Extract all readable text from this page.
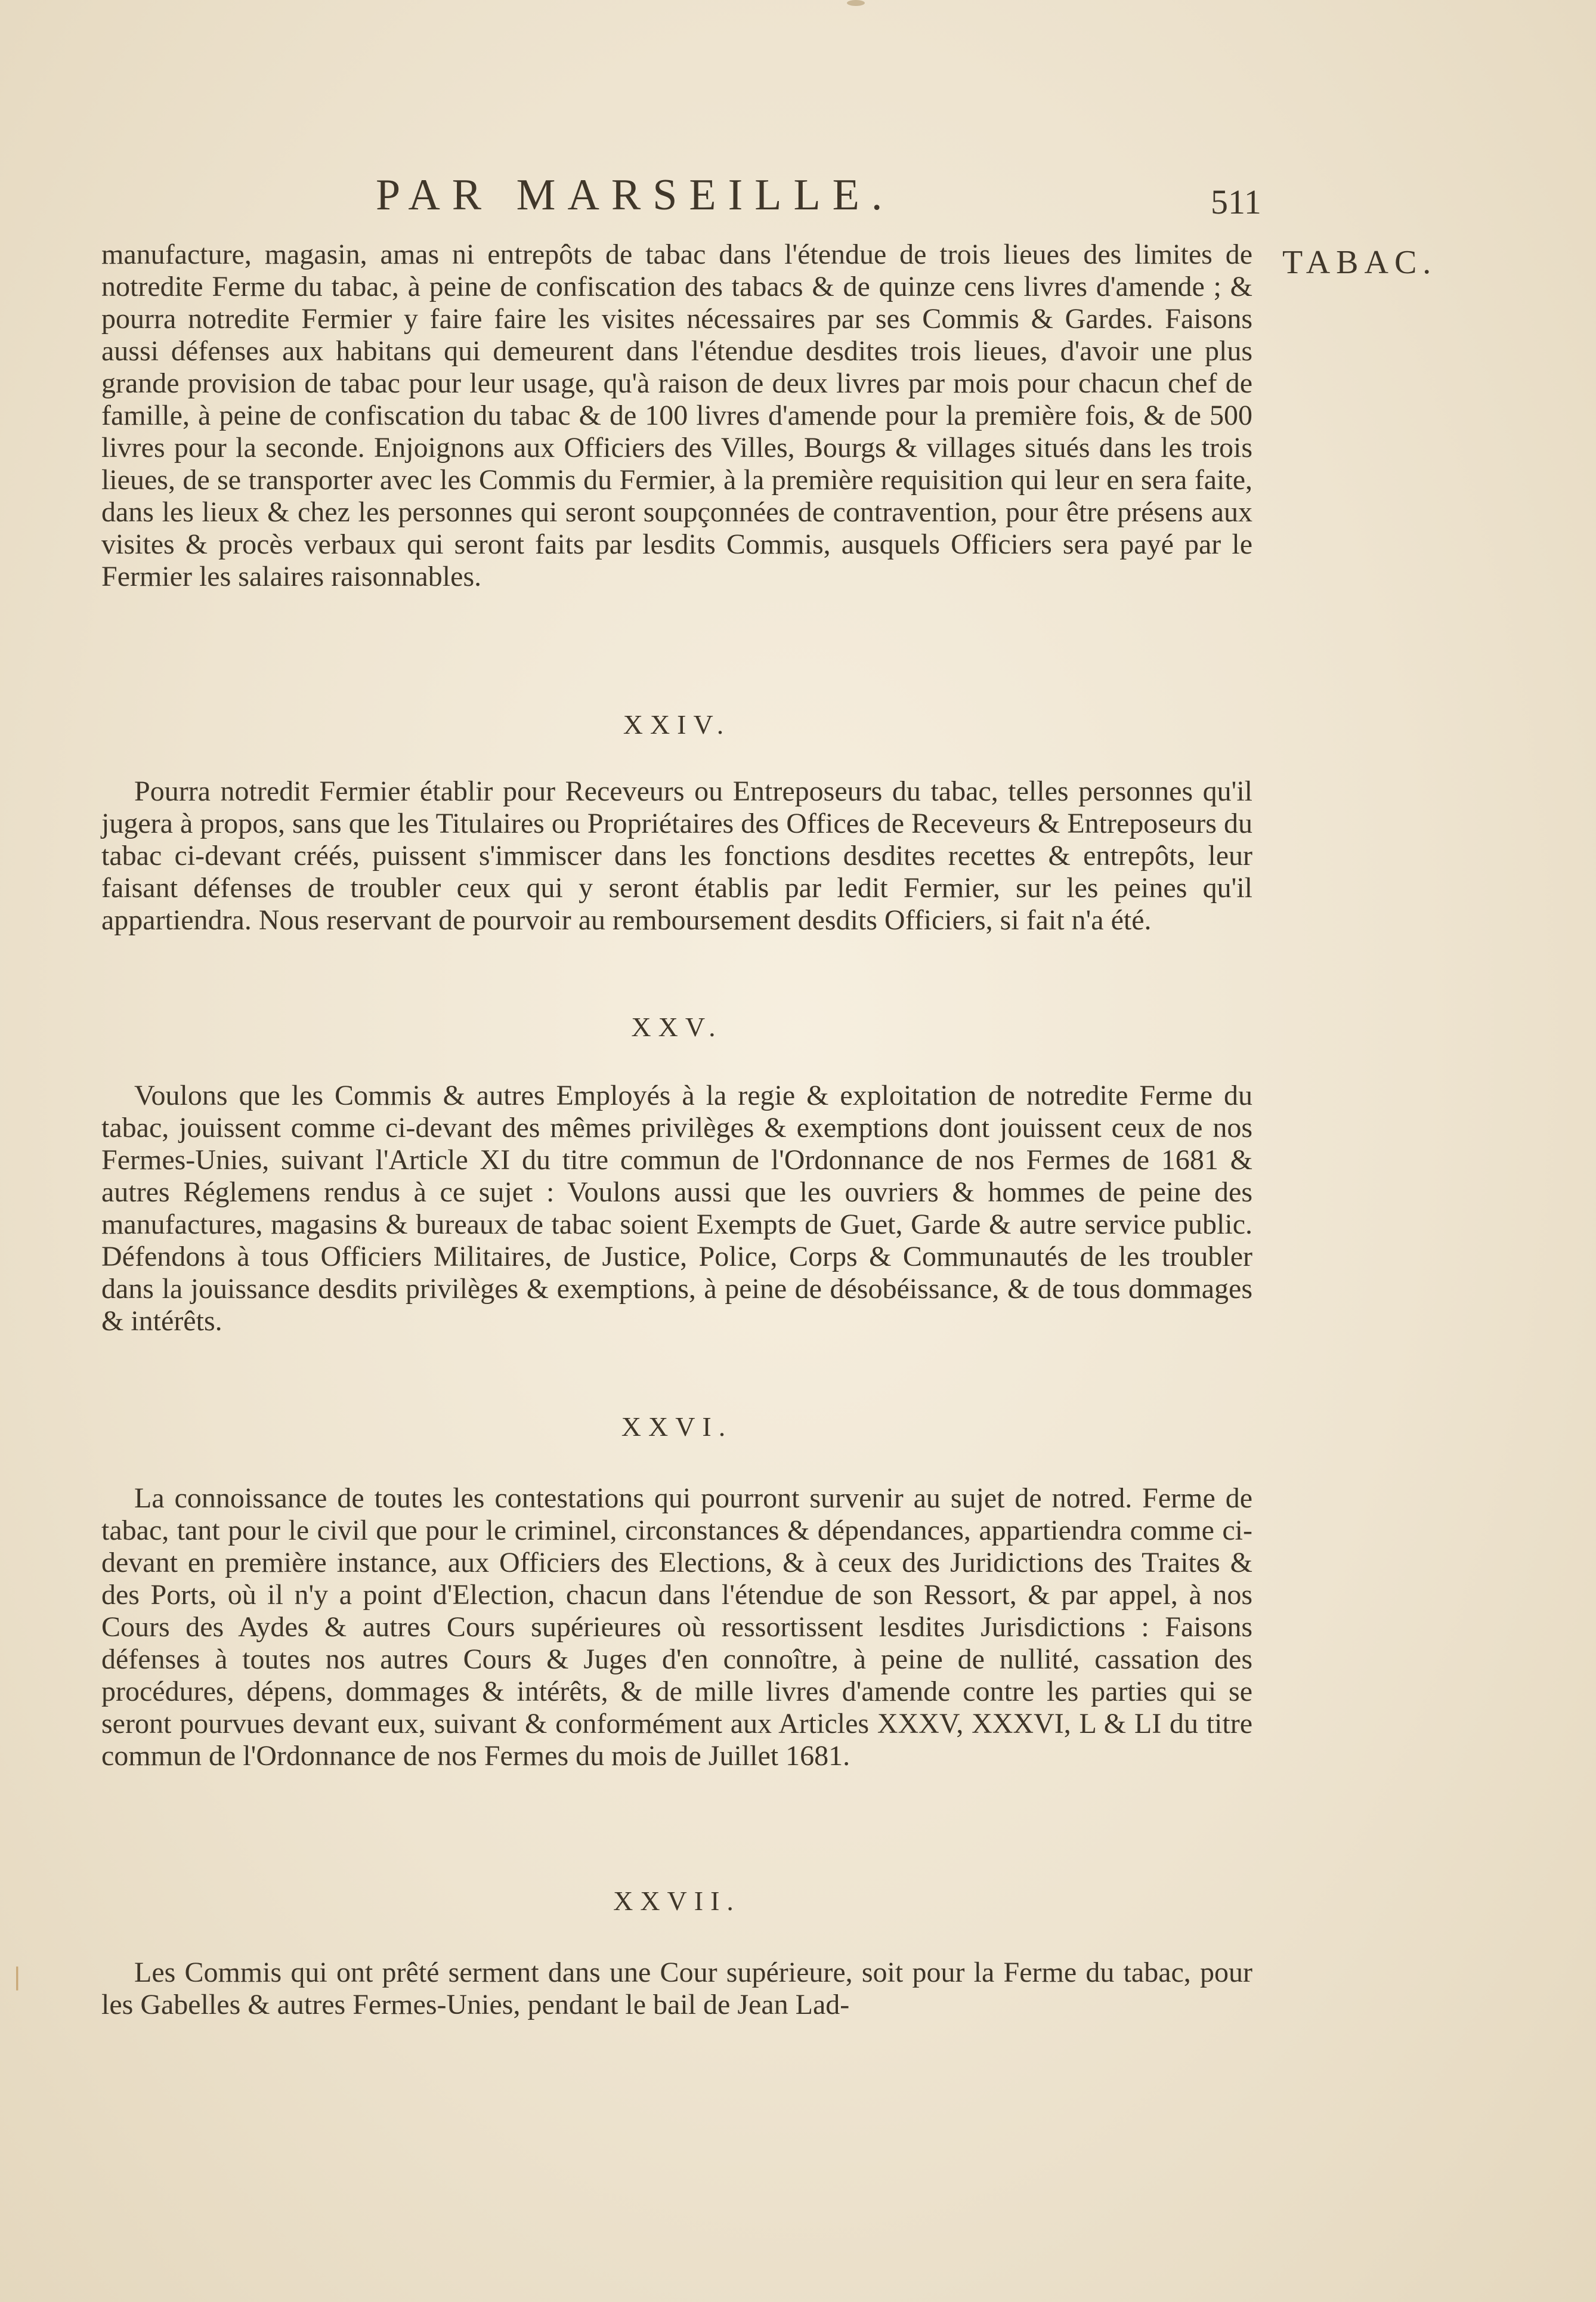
PAR MARSEILLE.	511
TABAC.

manufacture, magasin, amas ni entrepôts de tabac dans l'étendue de trois lieues des limites de notredite Ferme du tabac, à peine de confiscation des tabacs & de quinze cens livres d'amende ; & pourra notredite Fermier y faire faire les visites nécessaires par ses Commis & Gardes. Faisons aussi défenses aux habitans qui demeurent dans l'étendue desdites trois lieues, d'avoir une plus grande provision de tabac pour leur usage, qu'à raison de deux livres par mois pour chacun chef de famille, à peine de confiscation du tabac & de 100 livres d'amende pour la première fois, & de 500 livres pour la seconde. Enjoignons aux Officiers des Villes, Bourgs & villages situés dans les trois lieues, de se transporter avec les Commis du Fermier, à la première requisition qui leur en sera faite, dans les lieux & chez les personnes qui seront soupçonnées de contravention, pour être présens aux visites & procès verbaux qui seront faits par lesdits Commis, ausquels Officiers sera payé par le Fermier les salaires raisonnables.

XXIV.

Pourra notredit Fermier établir pour Receveurs ou Entreposeurs du tabac, telles personnes qu'il jugera à propos, sans que les Titulaires ou Propriétaires des Offices de Receveurs & Entreposeurs du tabac ci-devant créés, puissent s'immiscer dans les fonctions desdites recettes & entrepôts, leur faisant défenses de troubler ceux qui y seront établis par ledit Fermier, sur les peines qu'il appartiendra. Nous reservant de pourvoir au remboursement desdits Officiers, si fait n'a été.

XXV.

Voulons que les Commis & autres Employés à la regie & exploitation de notredite Ferme du tabac, jouissent comme ci-devant des mêmes privilèges & exemptions dont jouissent ceux de nos Fermes-Unies, suivant l'Article XI du titre commun de l'Ordonnance de nos Fermes de 1681 & autres Réglemens rendus à ce sujet : Voulons aussi que les ouvriers & hommes de peine des manufactures, magasins & bureaux de tabac soient Exempts de Guet, Garde & autre service public. Défendons à tous Officiers Militaires, de Justice, Police, Corps & Communautés de les troubler dans la jouissance desdits privilèges & exemptions, à peine de désobéissance, & de tous dommages & intérêts.

XXVI.

La connoissance de toutes les contestations qui pourront survenir au sujet de notred. Ferme de tabac, tant pour le civil que pour le criminel, circonstances & dépendances, appartiendra comme ci-devant en première instance, aux Officiers des Elections, & à ceux des Juridictions des Traites & des Ports, où il n'y a point d'Election, chacun dans l'étendue de son Ressort, & par appel, à nos Cours des Aydes & autres Cours supérieures où ressortissent lesdites Jurisdictions : Faisons défenses à toutes nos autres Cours & Juges d'en connoître, à peine de nullité, cassation des procédures, dépens, dommages & intérêts, & de mille livres d'amende contre les parties qui se seront pourvues devant eux, suivant & conformément aux Articles XXXV, XXXVI, L & LI du titre commun de l'Ordonnance de nos Fermes du mois de Juillet 1681.

XXVII.

Les Commis qui ont prêté serment dans une Cour supérieure, soit pour la Ferme du tabac, pour les Gabelles & autres Fermes-Unies, pendant le bail de Jean Lad-

❘
